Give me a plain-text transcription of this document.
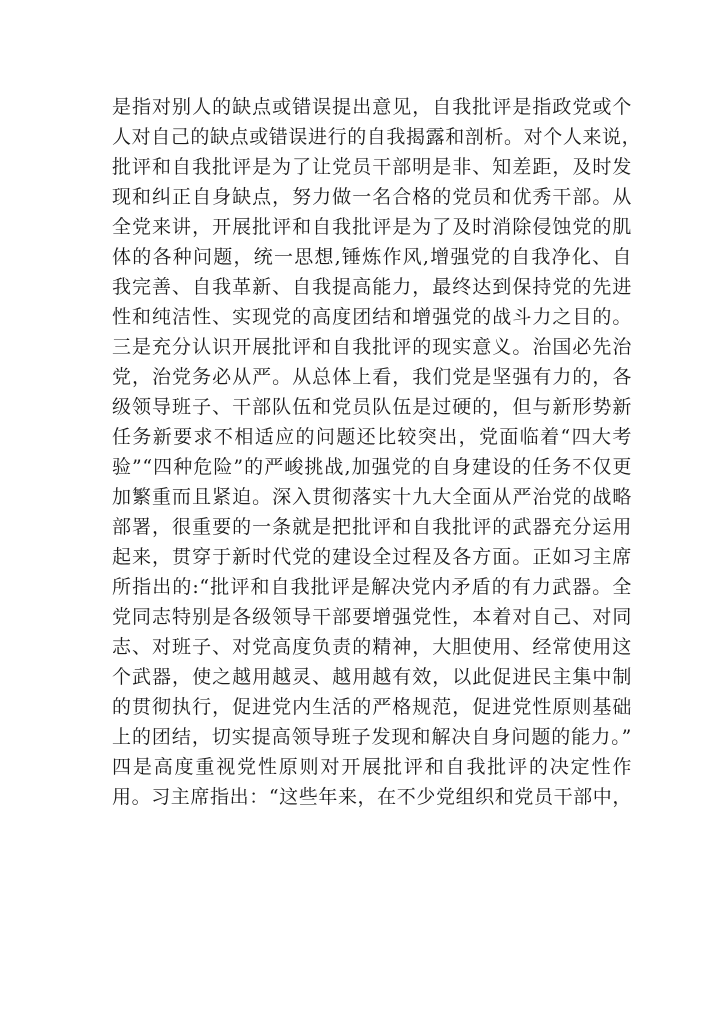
是指对别人的缺点或错误提出意见，自我批评是指政党或个
人对自己的缺点或错误进行的自我揭露和剖析。对个人来说，
批评和自我批评是为了让党员干部明是非、知差距，及时发
现和纠正自身缺点，努力做一名合格的党员和优秀干部。从
全党来讲，开展批评和自我批评是为了及时消除侵蚀党的肌
体的各种问题，统一思想,锤炼作风,增强党的自我净化、自
我完善、自我革新、自我提高能力，最终达到保持党的先进
性和纯洁性、实现党的高度团结和增强党的战斗力之目的。
三是充分认识开展批评和自我批评的现实意义。治国必先治
党，治党务必从严。从总体上看，我们党是坚强有力的，各
级领导班子、干部队伍和党员队伍是过硬的，但与新形势新
任务新要求不相适应的问题还比较突出，党面临着“四大考
验”“四种危险”的严峻挑战,加强党的自身建设的任务不仅更
加繁重而且紧迫。深入贯彻落实十九大全面从严治党的战略
部署，很重要的一条就是把批评和自我批评的武器充分运用
起来，贯穿于新时代党的建设全过程及各方面。正如习主席
所指出的:“批评和自我批评是解决党内矛盾的有力武器。全
党同志特别是各级领导干部要增强党性，本着对自己、对同
志、对班子、对党高度负责的精神，大胆使用、经常使用这
个武器，使之越用越灵、越用越有效，以此促进民主集中制
的贯彻执行，促进党内生活的严格规范，促进党性原则基础
上的团结，切实提高领导班子发现和解决自身问题的能力。”
四是高度重视党性原则对开展批评和自我批评的决定性作
用。习主席指出：“这些年来，在不少党组织和党员干部中，
